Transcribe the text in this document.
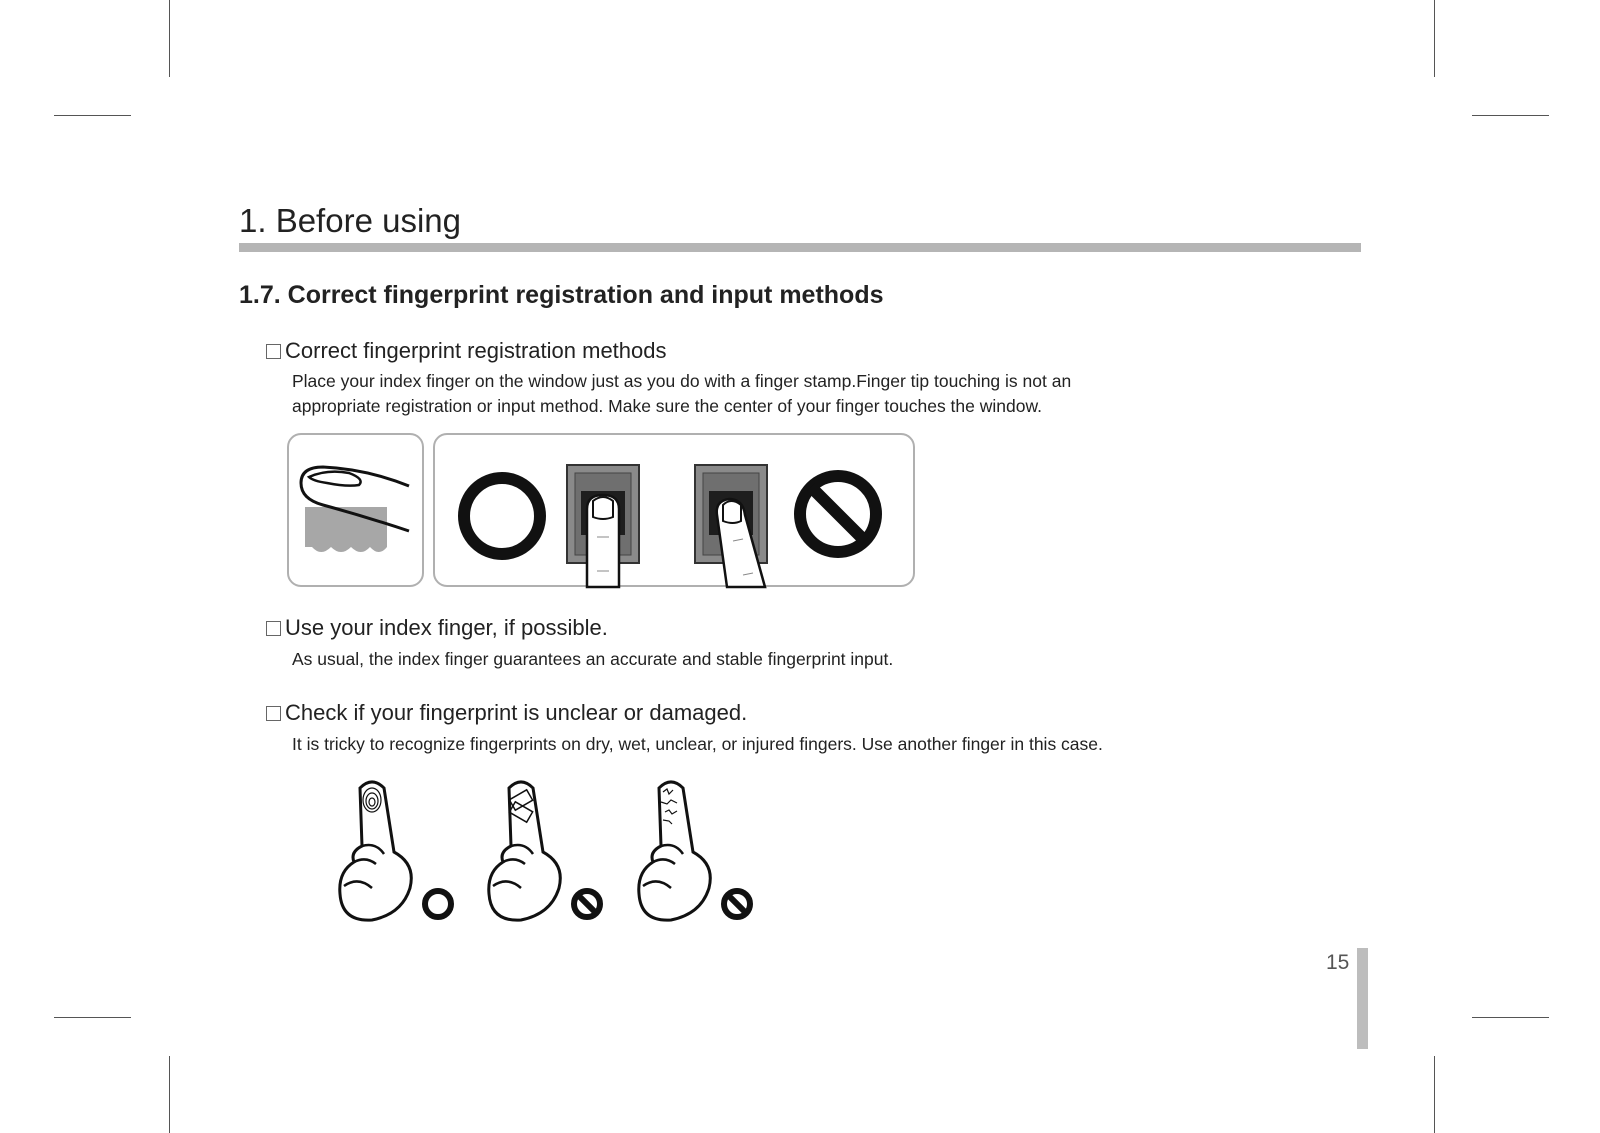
1. Before using
1.7. Correct fingerprint registration and input methods
Correct fingerprint registration methods

Place your index finger on the window just as you do with a finger stamp.Finger tip touching is not an

appropriate registration or input method. Make sure the center of your finger touches the window.

Use your index finger, if possible.

As usual, the index finger guarantees an accurate and stable fingerprint input.

Check if your fingerprint is unclear or damaged.

It is tricky to recognize fingerprints on dry, wet, unclear, or injured fingers. Use another finger in this case.

15
